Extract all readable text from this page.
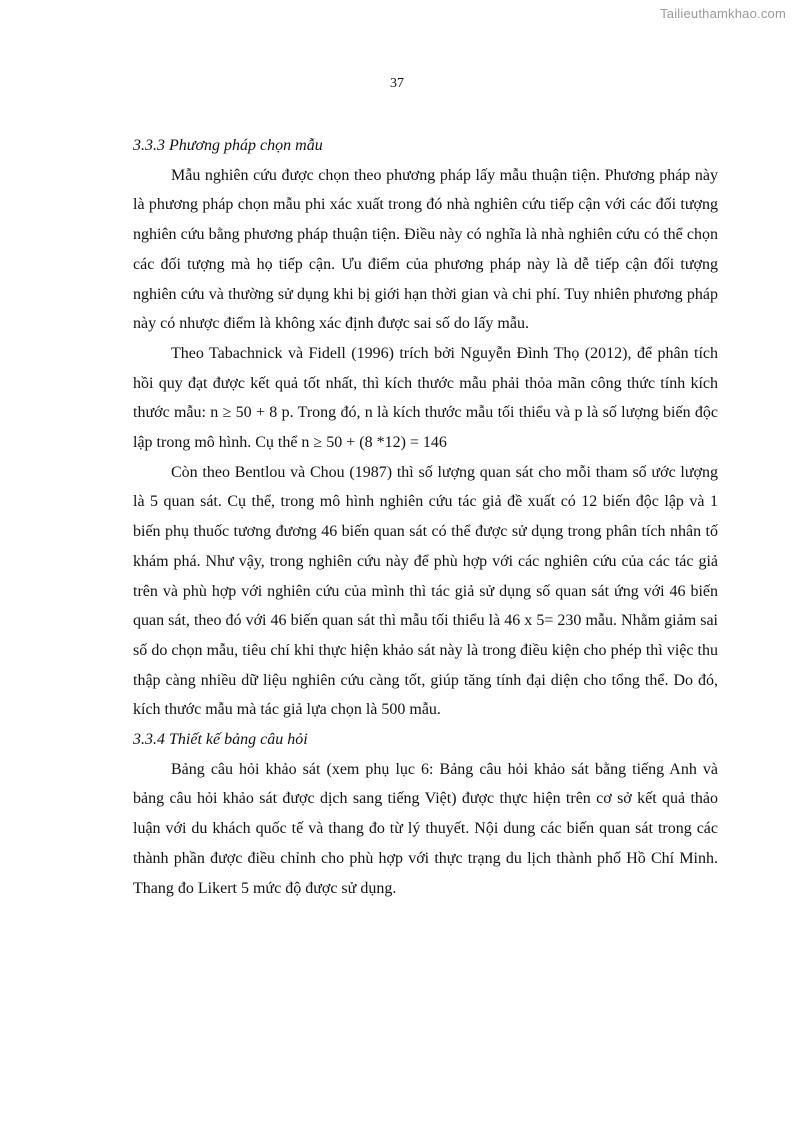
Tailieuthamkhao.com
37

3.3.3 Phương pháp chọn mẫu

Mẫu nghiên cứu được chọn theo phương pháp lấy mẫu thuận tiện. Phương pháp này là phương pháp chọn mẫu phi xác xuất trong đó nhà nghiên cứu tiếp cận với các đối tượng nghiên cứu bằng phương pháp thuận tiện. Điều này có nghĩa là nhà nghiên cứu có thể chọn các đối tượng mà họ tiếp cận. Ưu điểm của phương pháp này là dễ tiếp cận đối tượng nghiên cứu và thường sử dụng khi bị giới hạn thời gian và chi phí. Tuy nhiên phương pháp này có nhược điểm là không xác định được sai số do lấy mẫu.

Theo Tabachnick và Fidell (1996) trích bởi Nguyễn Đình Thọ (2012), để phân tích hồi quy đạt được kết quả tốt nhất, thì kích thước mẫu phải thỏa mãn công thức tính kích thước mẫu: n ≥ 50 + 8 p. Trong đó, n là kích thước mẫu tối thiểu và p là số lượng biến độc lập trong mô hình. Cụ thể n ≥ 50 + (8 *12) = 146

Còn theo Bentlou và Chou (1987) thì số lượng quan sát cho mỗi tham số ước lượng là 5 quan sát. Cụ thể, trong mô hình nghiên cứu tác giả đề xuất có 12 biến độc lập và 1 biến phụ thuốc tương đương 46 biến quan sát có thể được sử dụng trong phân tích nhân tố khám phá. Như vậy, trong nghiên cứu này để phù hợp với các nghiên cứu của các tác giả trên và phù hợp với nghiên cứu của mình thì tác giả sử dụng số quan sát ứng với 46 biến quan sát, theo đó với 46 biến quan sát thì mẫu tối thiểu là 46 x 5= 230 mẫu. Nhằm giảm sai số do chọn mẫu, tiêu chí khi thực hiện khảo sát này là trong điều kiện cho phép thì việc thu thập càng nhiều dữ liệu nghiên cứu càng tốt, giúp tăng tính đại diện cho tổng thể. Do đó, kích thước mẫu mà tác giả lựa chọn là 500 mẫu.

3.3.4 Thiết kế bảng câu hỏi

Bảng câu hỏi khảo sát (xem phụ lục 6: Bảng câu hỏi khảo sát bằng tiếng Anh và bảng câu hỏi khảo sát được dịch sang tiếng Việt) được thực hiện trên cơ sở kết quả thảo luận với du khách quốc tế và thang đo từ lý thuyết. Nội dung các biến quan sát trong các thành phần được điều chỉnh cho phù hợp với thực trạng du lịch thành phố Hồ Chí Minh. Thang đo Likert 5 mức độ được sử dụng.
